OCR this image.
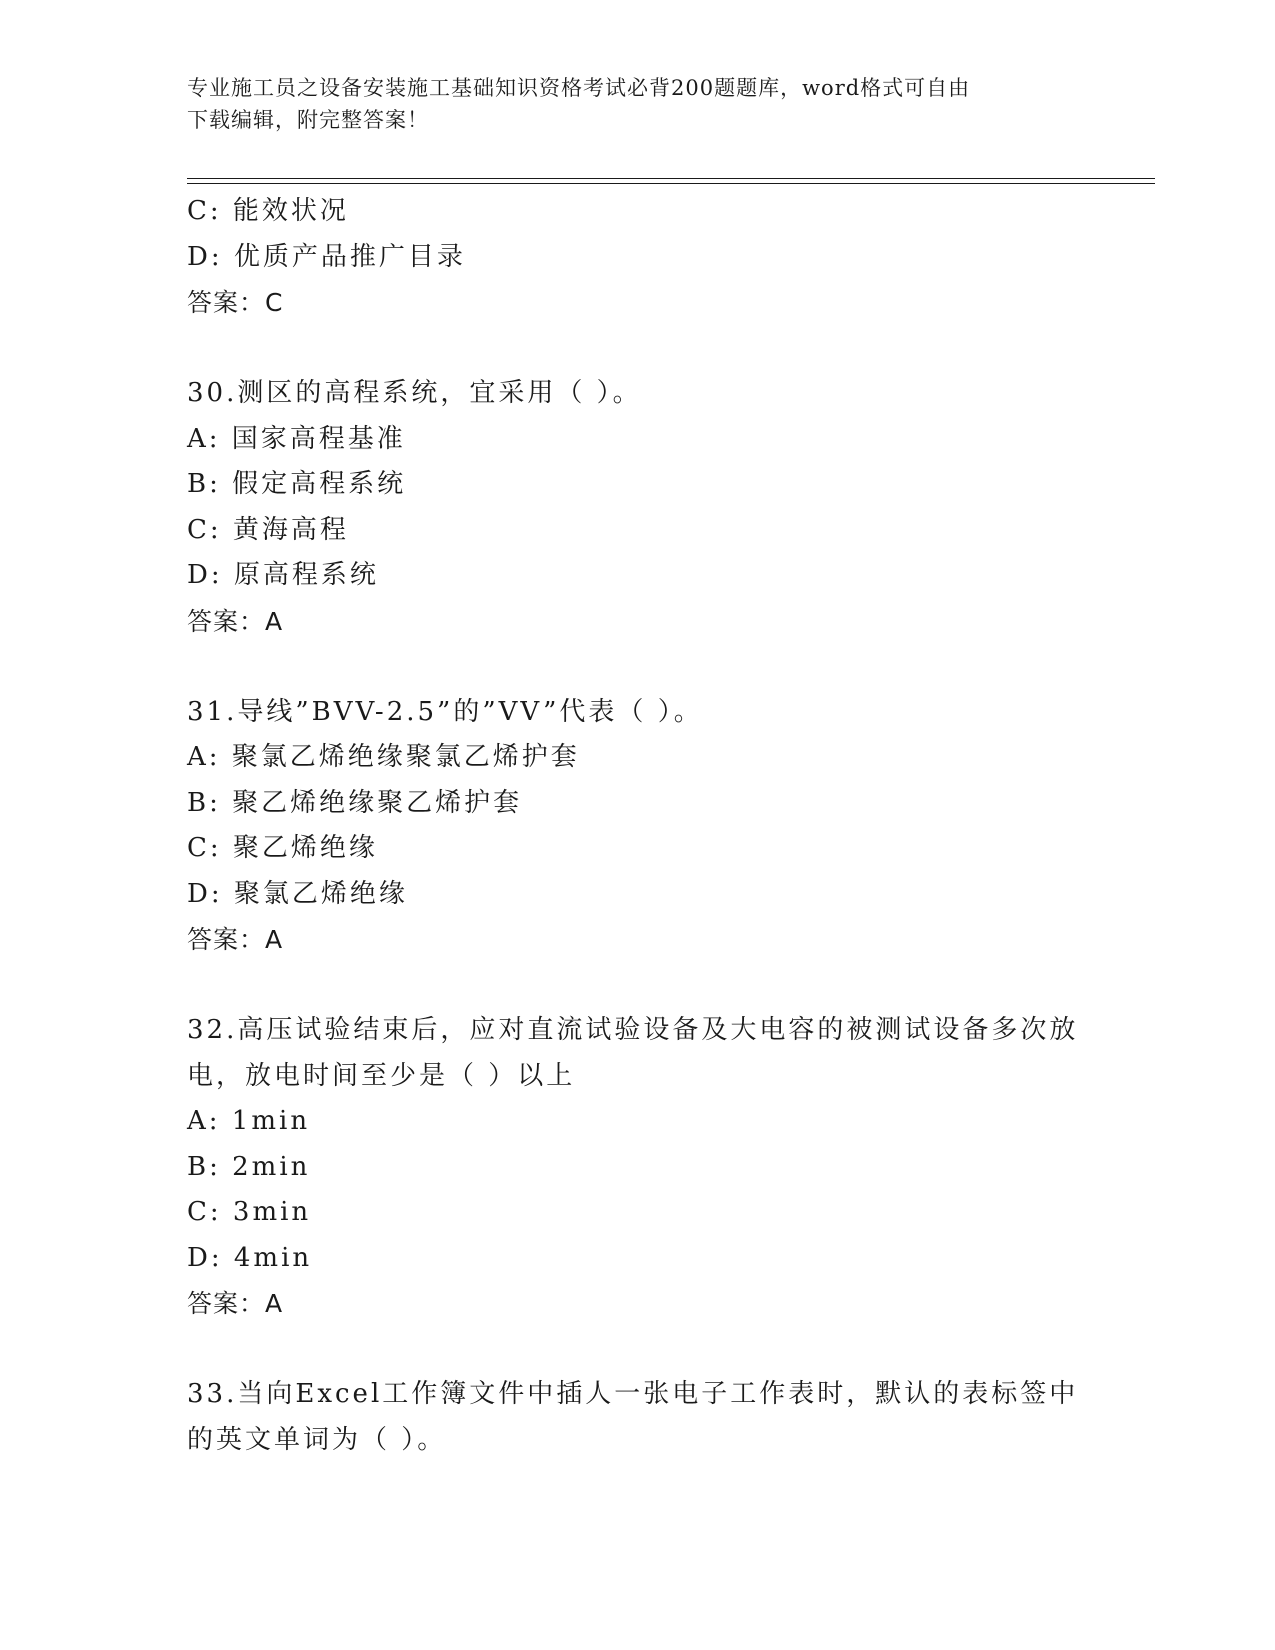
专业施工员之设备安装施工基础知识资格考试必背200题题库，word格式可自由
下载编辑，附完整答案！
C: 能效状况
D: 优质产品推广目录
答案：C
30.测区的高程系统，宜采用（ ）。
A: 国家高程基准
B: 假定高程系统
C: 黄海高程
D: 原高程系统
答案：A
31.导线”BVV-2.5”的”VV”代表（ ）。
A: 聚氯乙烯绝缘聚氯乙烯护套
B: 聚乙烯绝缘聚乙烯护套
C: 聚乙烯绝缘
D: 聚氯乙烯绝缘
答案：A
32.高压试验结束后，应对直流试验设备及大电容的被测试设备多次放
电，放电时间至少是（ ）以上
A: 1min
B: 2min
C: 3min
D: 4min
答案：A
33.当向Excel工作簿文件中插人一张电子工作表时，默认的表标签中
的英文单词为（ ）。
